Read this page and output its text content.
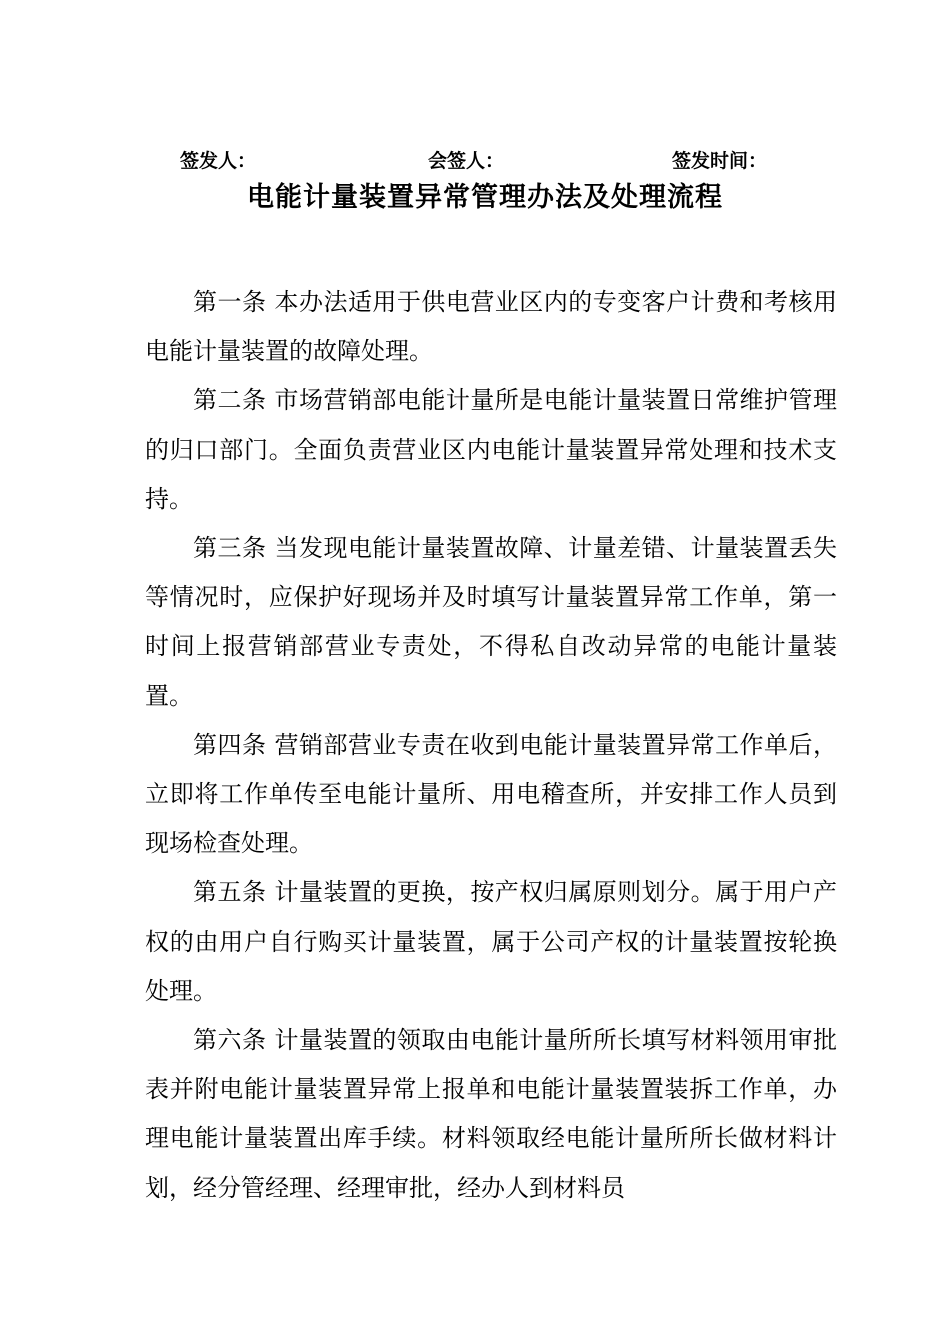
签发人：	会签人：	签发时间：
电能计量装置异常管理办法及处理流程

第一条 本办法适用于供电营业区内的专变客户计费和考核用电能计量装置的故障处理。

第二条 市场营销部电能计量所是电能计量装置日常维护管理的归口部门。全面负责营业区内电能计量装置异常处理和技术支持。

第三条 当发现电能计量装置故障、计量差错、计量装置丢失等情况时，应保护好现场并及时填写计量装置异常工作单，第一时间上报营销部营业专责处，不得私自改动异常的电能计量装置。

第四条 营销部营业专责在收到电能计量装置异常工作单后，立即将工作单传至电能计量所、用电稽查所，并安排工作人员到现场检查处理。

第五条 计量装置的更换，按产权归属原则划分。属于用户产权的由用户自行购买计量装置，属于公司产权的计量装置按轮换处理。

第六条 计量装置的领取由电能计量所所长填写材料领用审批表并附电能计量装置异常上报单和电能计量装置装拆工作单，办理电能计量装置出库手续。材料领取经电能计量所所长做材料计划，经分管经理、经理审批，经办人到材料员
